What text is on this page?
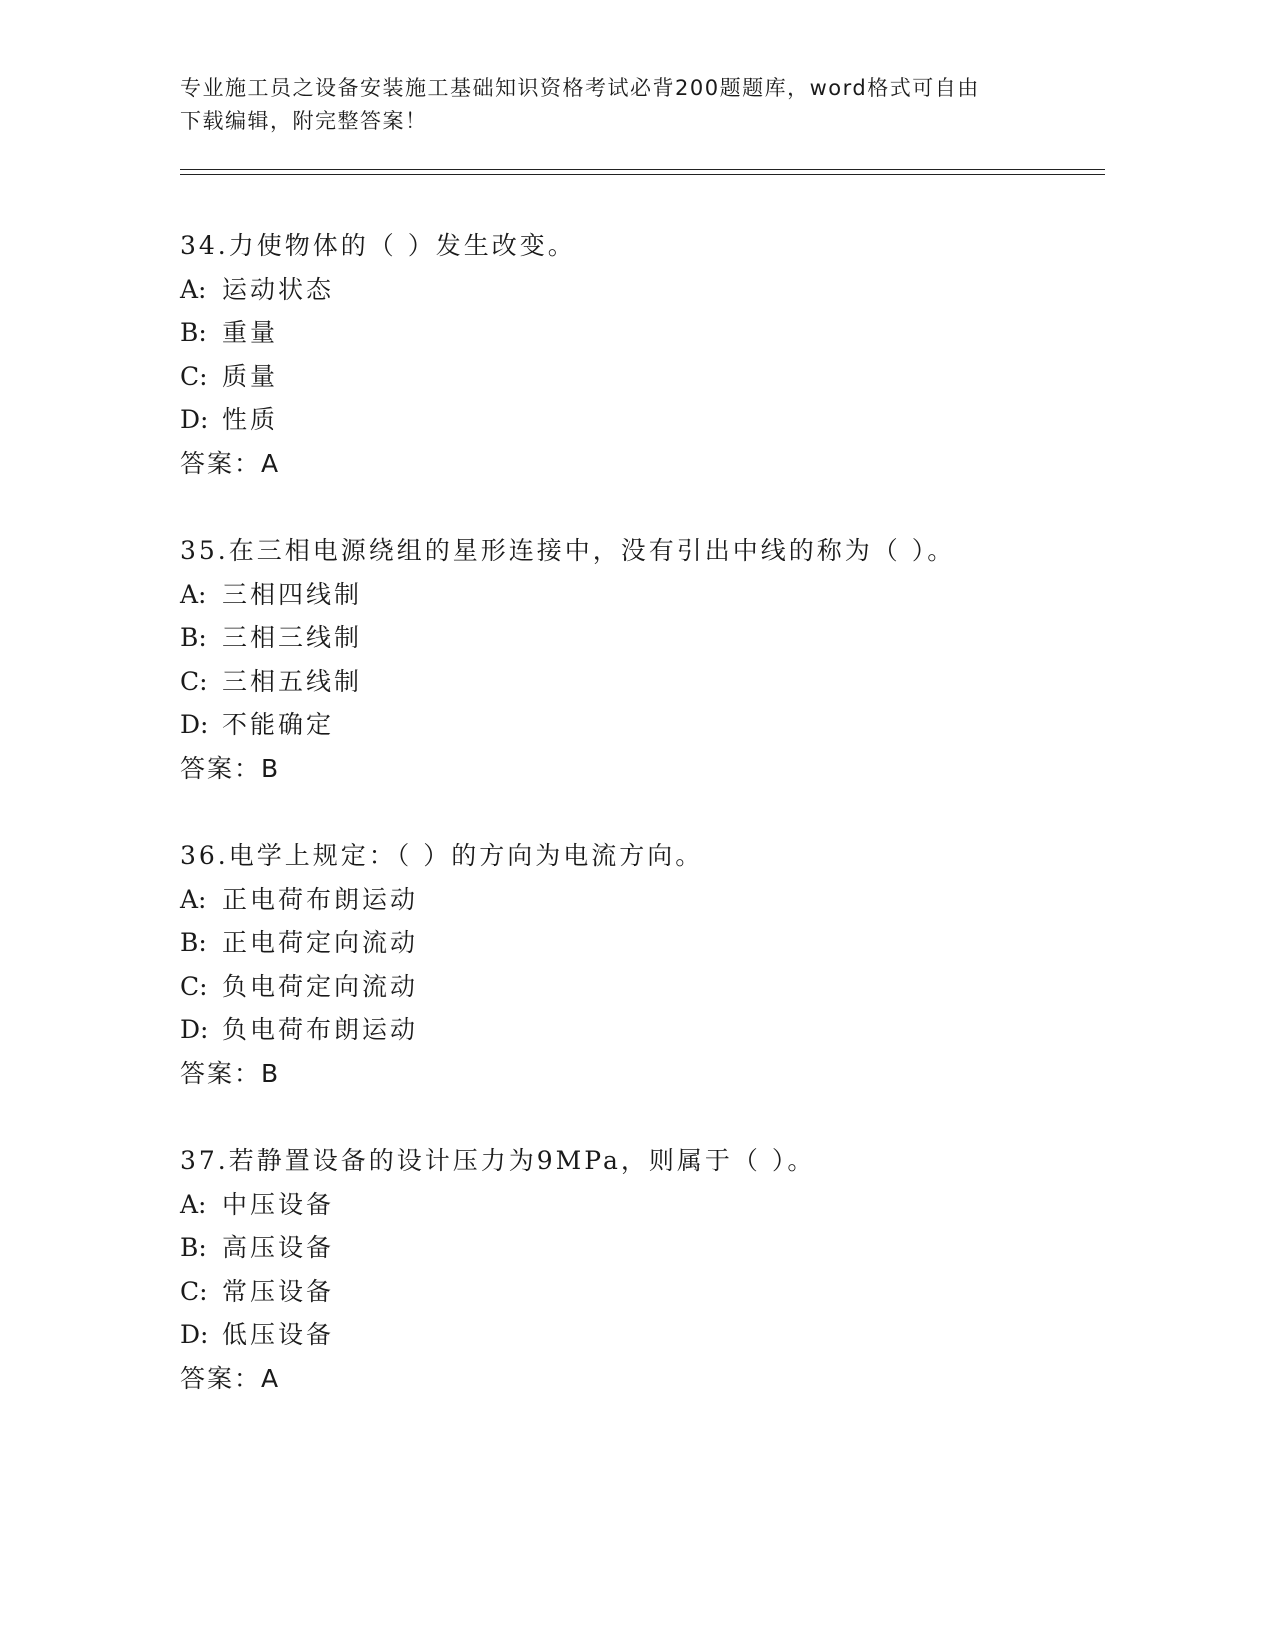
专业施工员之设备安装施工基础知识资格考试必背200题题库，word格式可自由
下载编辑，附完整答案！
34.力使物体的（ ）发生改变。
A: 运动状态
B: 重量
C: 质量
D: 性质
答案：A
35.在三相电源绕组的星形连接中，没有引出中线的称为（ ）。
A: 三相四线制
B: 三相三线制
C: 三相五线制
D: 不能确定
答案：B
36.电学上规定：（ ）的方向为电流方向。
A: 正电荷布朗运动
B: 正电荷定向流动
C: 负电荷定向流动
D: 负电荷布朗运动
答案：B
37.若静置设备的设计压力为9MPa，则属于（ ）。
A: 中压设备
B: 高压设备
C: 常压设备
D: 低压设备
答案：A
